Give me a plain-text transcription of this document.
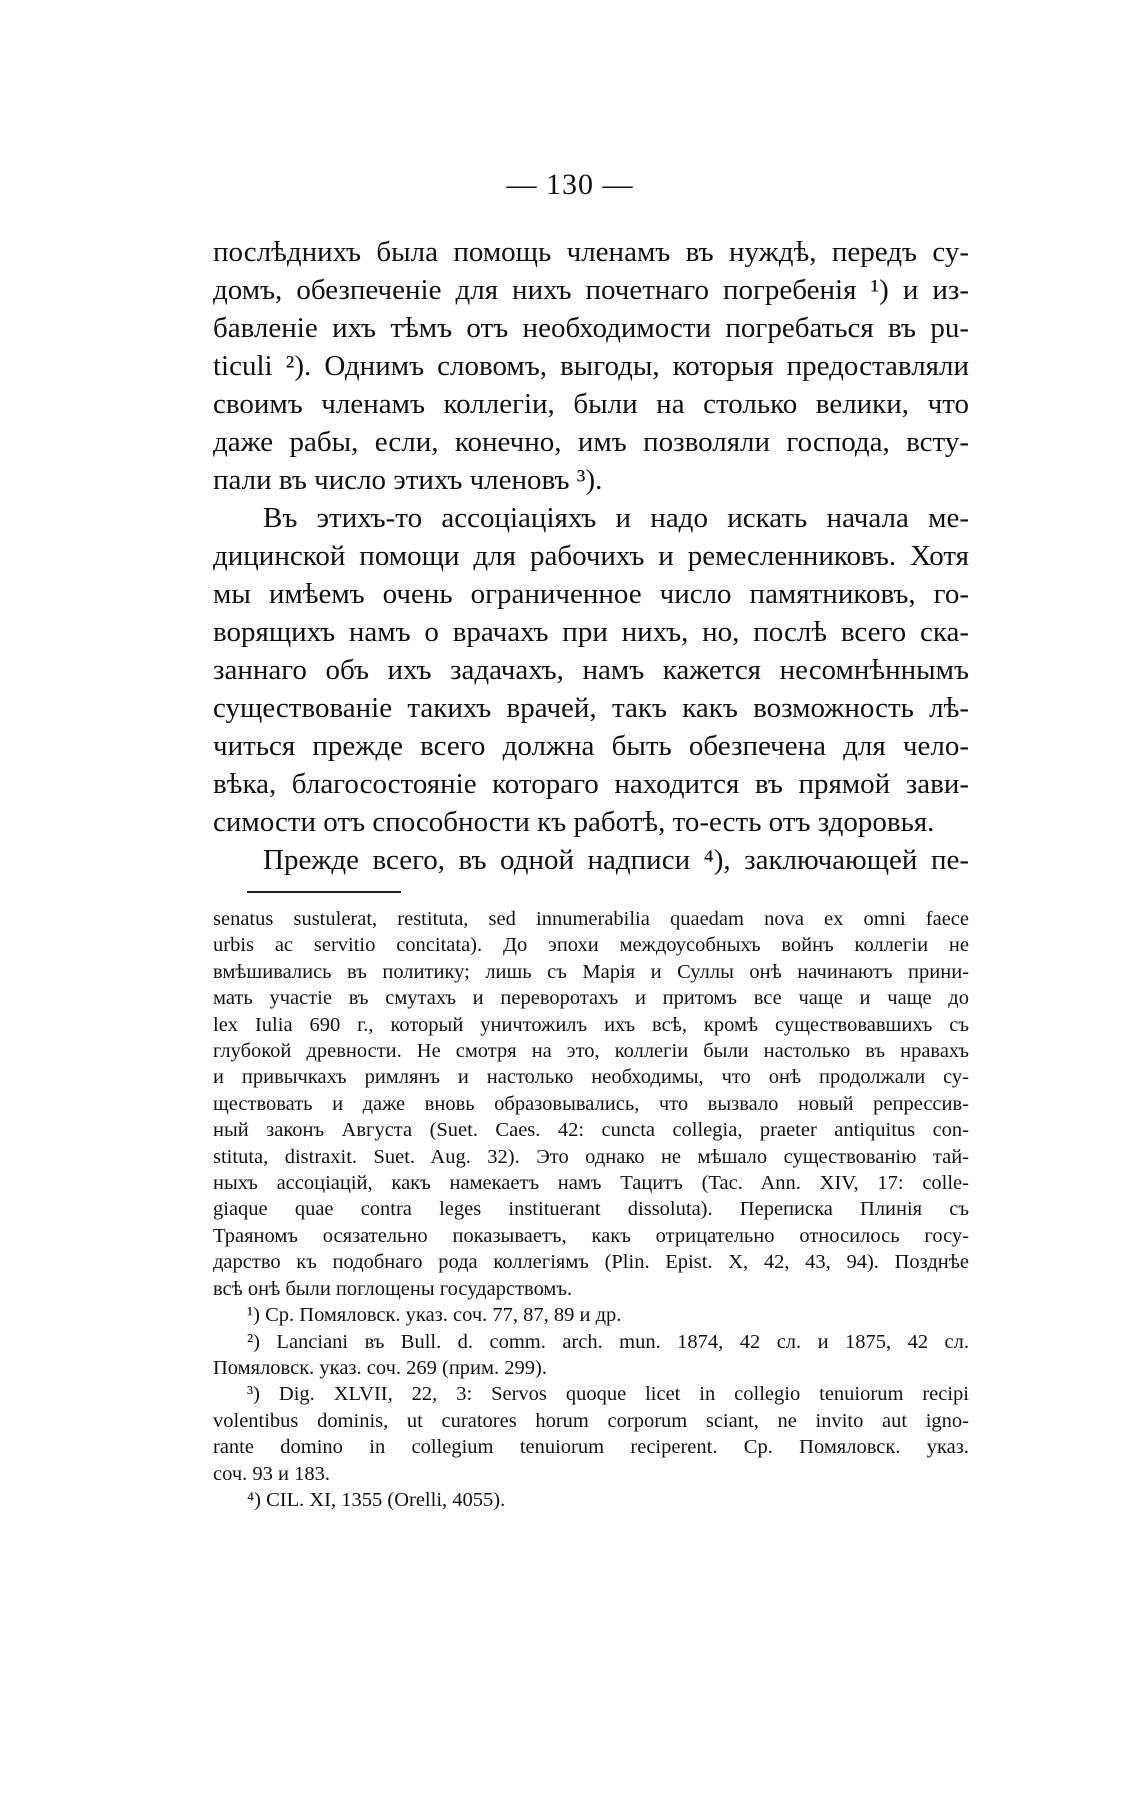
— 130 —

послѣднихъ была помощь членамъ въ нуждѣ, передъ су-

домъ, обезпеченіе для нихъ почетнаго погребенія ¹) и из-

бавленіе ихъ тѣмъ отъ необходимости погребаться въ pu-

ticuli ²). Однимъ словомъ, выгоды, которыя предоставляли

своимъ членамъ коллегіи, были на столько велики, что

даже рабы, если, конечно, имъ позволяли господа, всту-

пали въ число этихъ членовъ ³).

Въ этихъ-то ассоціаціяхъ и надо искать начала ме-

дицинской помощи для рабочихъ и ремесленниковъ. Хотя

мы имѣемъ очень ограниченное число памятниковъ, го-

ворящихъ намъ о врачахъ при нихъ, но, послѣ всего ска-

заннаго объ ихъ задачахъ, намъ кажется несомнѣннымъ

существованіе такихъ врачей, такъ какъ возможность лѣ-

читься прежде всего должна быть обезпечена для чело-

вѣка, благосостояніе котораго находится въ прямой зави-

симости отъ способности къ работѣ, то-есть отъ здоровья.

Прежде всего, въ одной надписи ⁴), заключающей пе-

senatus sustulerat, restituta, sed innumerabilia quaedam nova ex omni faece

urbis ac servitio concitata). До эпохи междоусобныхъ войнъ коллегіи не

вмѣшивались въ политику; лишь съ Марія и Суллы онѣ начинаютъ прини-

мать участіе въ смутахъ и переворотахъ и притомъ все чаще и чаще до

lex Iulia 690 г., который уничтожилъ ихъ всѣ, кромѣ существовавшихъ съ

глубокой древности. Не смотря на это, коллегіи были настолько въ нравахъ

и привычкахъ римлянъ и настолько необходимы, что онѣ продолжали су-

ществовать и даже вновь образовывались, что вызвало новый репрессив-

ный законъ Августа (Suet. Caes. 42: cuncta collegia, praeter antiquitus con-

stituta, distraxit. Suet. Aug. 32). Это однако не мѣшало существованію тай-

ныхъ ассоціацій, какъ намекаетъ намъ Тацитъ (Tac. Ann. XIV, 17: colle-

giaque quae contra leges instituerant dissoluta). Переписка Плинія съ

Траяномъ осязательно показываетъ, какъ отрицательно относилось госу-

дарство къ подобнаго рода коллегіямъ (Plin. Epist. X, 42, 43, 94). Позднѣе

всѣ онѣ были поглощены государствомъ.

¹) Ср. Помяловск. указ. соч. 77, 87, 89 и др.

²) Lanciani въ Bull. d. comm. arch. mun. 1874, 42 сл. и 1875, 42 сл.

Помяловск. указ. соч. 269 (прим. 299).

³) Dig. XLVII, 22, 3: Servos quoque licet in collegio tenuiorum recipi

volentibus dominis, ut curatores horum corporum sciant, ne invito aut igno-

rante domino in collegium tenuiorum reciperent. Ср. Помяловск. указ.

соч. 93 и 183.

⁴) CIL. XI, 1355 (Orelli, 4055).
